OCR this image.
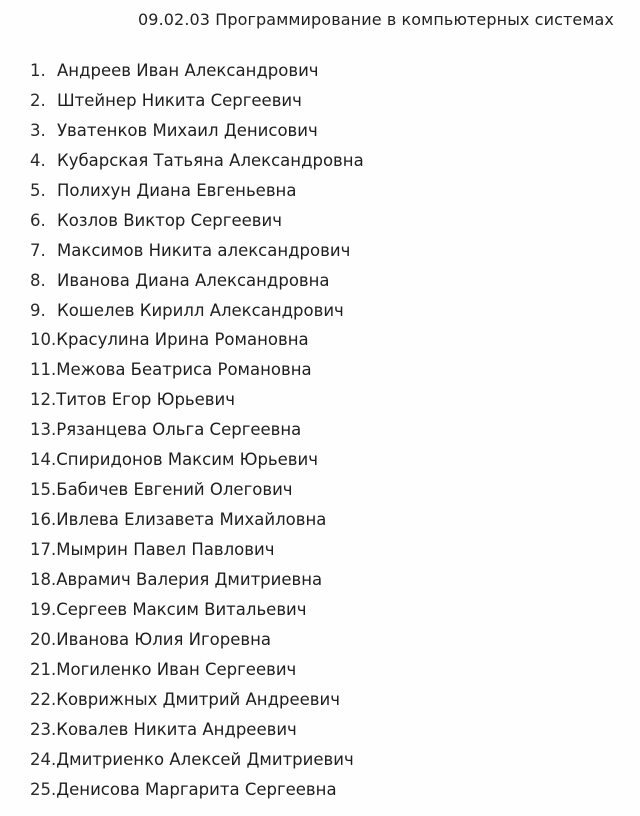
09.02.03 Программирование в компьютерных системах
1. Андреев Иван Александрович
2. Штейнер Никита Сергеевич
3. Уватенков Михаил Денисович
4. Кубарская Татьяна Александровна
5. Полихун Диана Евгеньевна
6. Козлов Виктор Сергеевич
7. Максимов Никита александрович
8. Иванова Диана Александровна
9. Кошелев Кирилл Александрович
10.Красулина Ирина Романовна
11.Межова Беатриса Романовна
12.Титов Егор Юрьевич
13.Рязанцева Ольга Сергеевна
14.Спиридонов Максим Юрьевич
15.Бабичев Евгений Олегович
16.Ивлева Елизавета Михайловна
17.Мымрин Павел Павлович
18.Аврамич Валерия Дмитриевна
19.Сергеев Максим Витальевич
20.Иванова Юлия Игоревна
21.Могиленко Иван Сергеевич
22.Коврижных Дмитрий Андреевич
23.Ковалев Никита Андреевич
24.Дмитриенко Алексей Дмитриевич
25.Денисова Маргарита Сергеевна
